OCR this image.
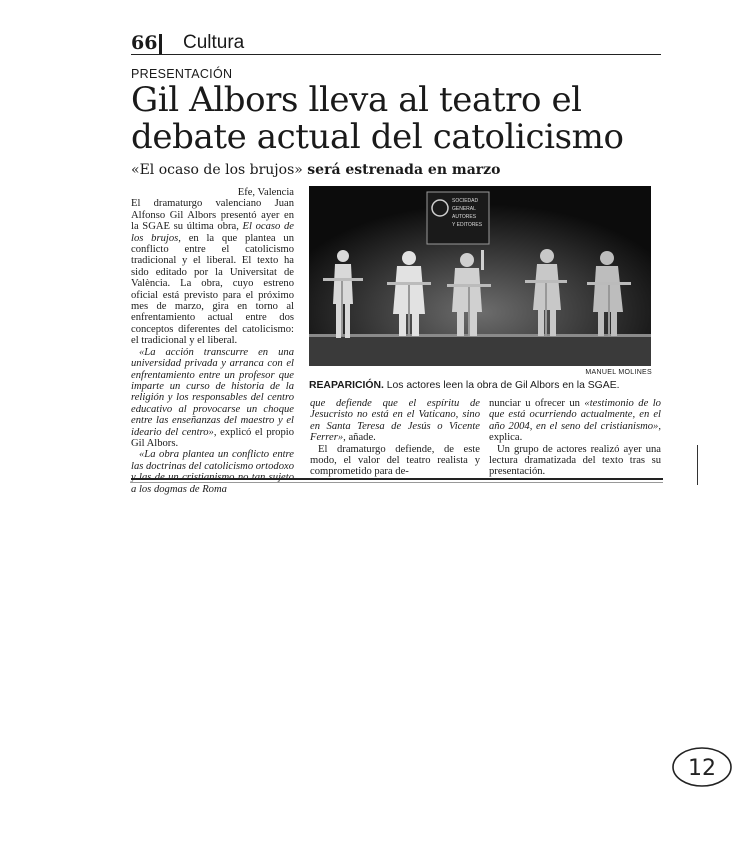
66 Cultura
PRESENTACIÓN
Gil Albors lleva al teatro el debate actual del catolicismo
«El ocaso de los brujos» será estrenada en marzo

Efe, Valencia

El dramaturgo valenciano Juan Alfonso Gil Albors presentó ayer en la SGAE su última obra, El ocaso de los brujos, en la que plantea un conflicto entre el catolicismo tradicional y el liberal. El texto ha sido editado por la Universitat de València. La obra, cuyo estreno oficial está previsto para el próximo mes de marzo, gira en torno al enfrentamiento actual entre dos conceptos diferentes del catolicismo: el tradicional y el liberal.

«La acción transcurre en una universidad privada y arranca con el enfrentamiento entre un profesor que imparte un curso de historia de la religión y los responsables del centro educativo al provocarse un choque entre las enseñanzas del maestro y el ideario del centro», explicó el propio Gil Albors.

«La obra plantea un conflicto entre las doctrinas del catolicismo ortodoxo a los dogmas de Roma

SOCIEDAD
GENERAL
AUTORES
Y EDITORES
MANUEL MOLINES
REAPARICIÓN. Los actores leen la obra de Gil Albors en la SGAE.

que defiende que el espíritu de Jesucristo no está en el Vaticano, sino en Santa Teresa de Jesús o Vicente Ferrer», añade.

El dramaturgo defiende, de este modo, el valor del teatro realista y comprometido para de-

nunciar u ofrecer un «testimonio de lo que está ocurriendo actualmente, en el año 2004, en el seno del cristianismo», explica.

Un grupo de actores realizó ayer una lectura dramatizada del texto tras su presentación.

12
